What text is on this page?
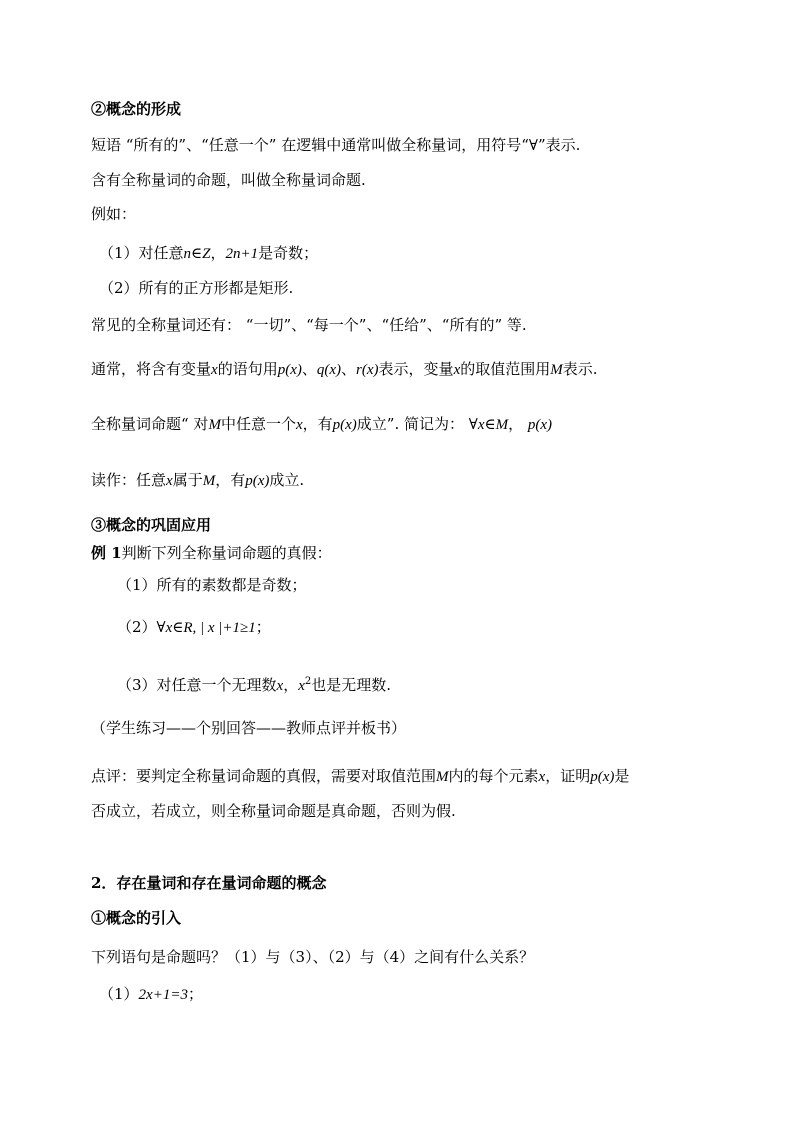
②概念的形成
短语 “所有的”、“任意一个” 在逻辑中通常叫做全称量词，用符号“∀”表示.
含有全称量词的命题，叫做全称量词命题.
例如：
（1）对任意n∈Z，2n+1是奇数；
（2）所有的正方形都是矩形.
常见的全称量词还有： “一切”、“每一个”、“任给”、“所有的” 等.
通常，将含有变量x的语句用p(x)、q(x)、r(x)表示，变量x的取值范围用M表示.
全称量词命题“ 对M中任意一个x，有p(x)成立”. 简记为： ∀x∈M， p(x)
读作：任意x属于M，有p(x)成立.
③概念的巩固应用
例 1判断下列全称量词命题的真假：
（1）所有的素数都是奇数；
（2）∀x∈R, | x |+1≥1；
（3）对任意一个无理数x，$x^2$也是无理数.
（学生练习——个别回答——教师点评并板书）
点评：要判定全称量词命题的真假，需要对取值范围M内的每个元素x，证明p(x)是
否成立，若成立，则全称量词命题是真命题，否则为假.
2．存在量词和存在量词命题的概念
①概念的引入
下列语句是命题吗？（1）与（3）、（2）与（4）之间有什么关系？
（1）2x+1=3；
